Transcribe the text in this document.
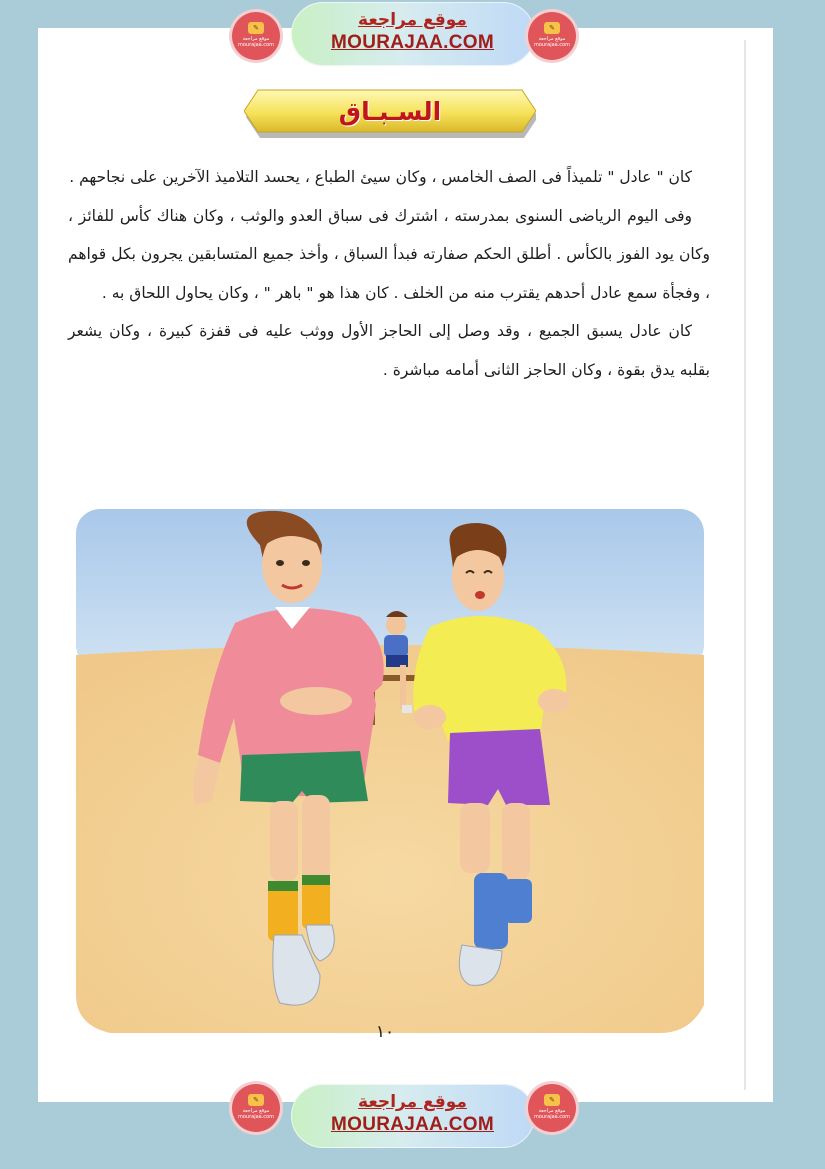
✎
موقع مراجعة
mourajaa.com
موقع مراجعة
MOURAJAA.COM
✎
موقع مراجعة
mourajaa.com
السـبـاق

كان " عادل " تلميذاً فى الصف الخامس ، وكان سيئ الطباع ، يحسد التلاميذ الآخرين على نجاحهم .

وفى اليوم الرياضى السنوى بمدرسته ، اشترك فى سباق العدو والوثب ، وكان هناك كأس للفائز ، وكان يود الفوز بالكأس . أطلق الحكم صفارته فبدأ السباق ، وأخذ جميع المتسابقين يجرون بكل قواهم ، وفجأة سمع عادل أحدهم يقترب منه من الخلف . كان هذا هو " باهر " ، وكان يحاول اللحاق به .

كان عادل يسبق الجميع ، وقد وصل إلى الحاجز الأول ووثب عليه فى قفزة كبيرة ، وكان يشعر بقلبه يدق بقوة ، وكان الحاجز الثانى أمامه مباشرة .

١٠
✎
موقع مراجعة
mourajaa.com
موقع مراجعة
MOURAJAA.COM
✎
موقع مراجعة
mourajaa.com
